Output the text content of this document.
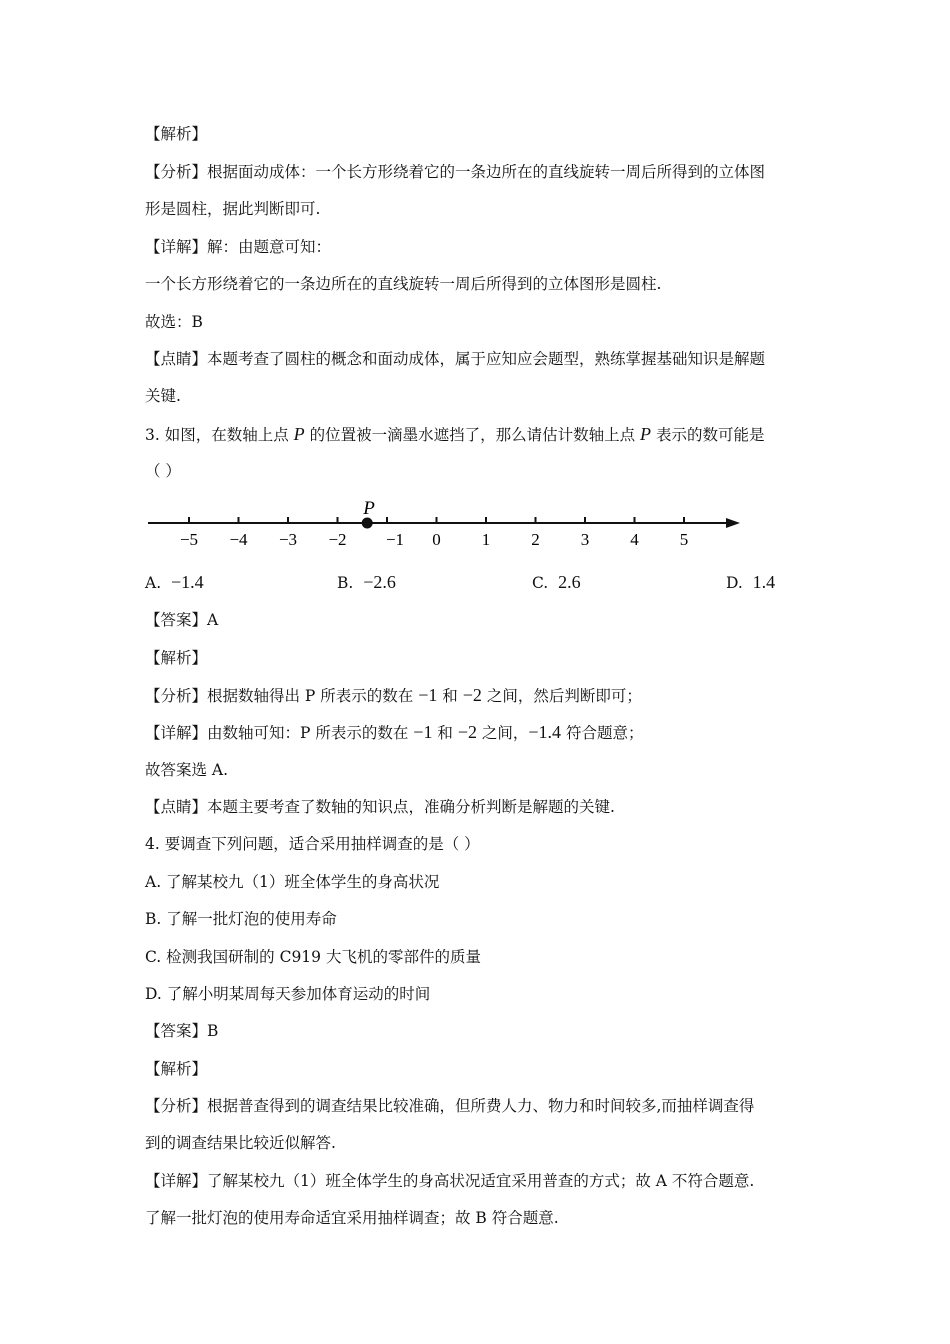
【解析】
【分析】根据面动成体：一个长方形绕着它的一条边所在的直线旋转一周后所得到的立体图
形是圆柱，据此判断即可.
【详解】解：由题意可知：
一个长方形绕着它的一条边所在的直线旋转一周后所得到的立体图形是圆柱.
故选：B
【点睛】本题考查了圆柱的概念和面动成体，属于应知应会题型，熟练掌握基础知识是解题
关键.
3. 如图，在数轴上点 P 的位置被一滴墨水遮挡了，那么请估计数轴上点 P 表示的数可能是
（ ）
−5 −4 −3 −2 −1 0 1 2 3 4 5
P
A. −1.4	B. −2.6	C. 2.6	D. 1.4
【答案】A
【解析】
【分析】根据数轴得出 P 所表示的数在 −1 和 −2 之间，然后判断即可；
【详解】由数轴可知：P 所表示的数在 −1 和 −2 之间，−1.4 符合题意；
故答案选 A.
【点睛】本题主要考查了数轴的知识点，准确分析判断是解题的关键.
4. 要调查下列问题，适合采用抽样调查的是（ ）
A. 了解某校九（1）班全体学生的身高状况
B. 了解一批灯泡的使用寿命
C. 检测我国研制的 C919 大飞机的零部件的质量
D. 了解小明某周每天参加体育运动的时间
【答案】B
【解析】
【分析】根据普查得到的调查结果比较准确，但所费人力、物力和时间较多,而抽样调查得
到的调查结果比较近似解答.
【详解】了解某校九（1）班全体学生的身高状况适宜采用普查的方式；故 A 不符合题意.
了解一批灯泡的使用寿命适宜采用抽样调查；故 B 符合题意.
